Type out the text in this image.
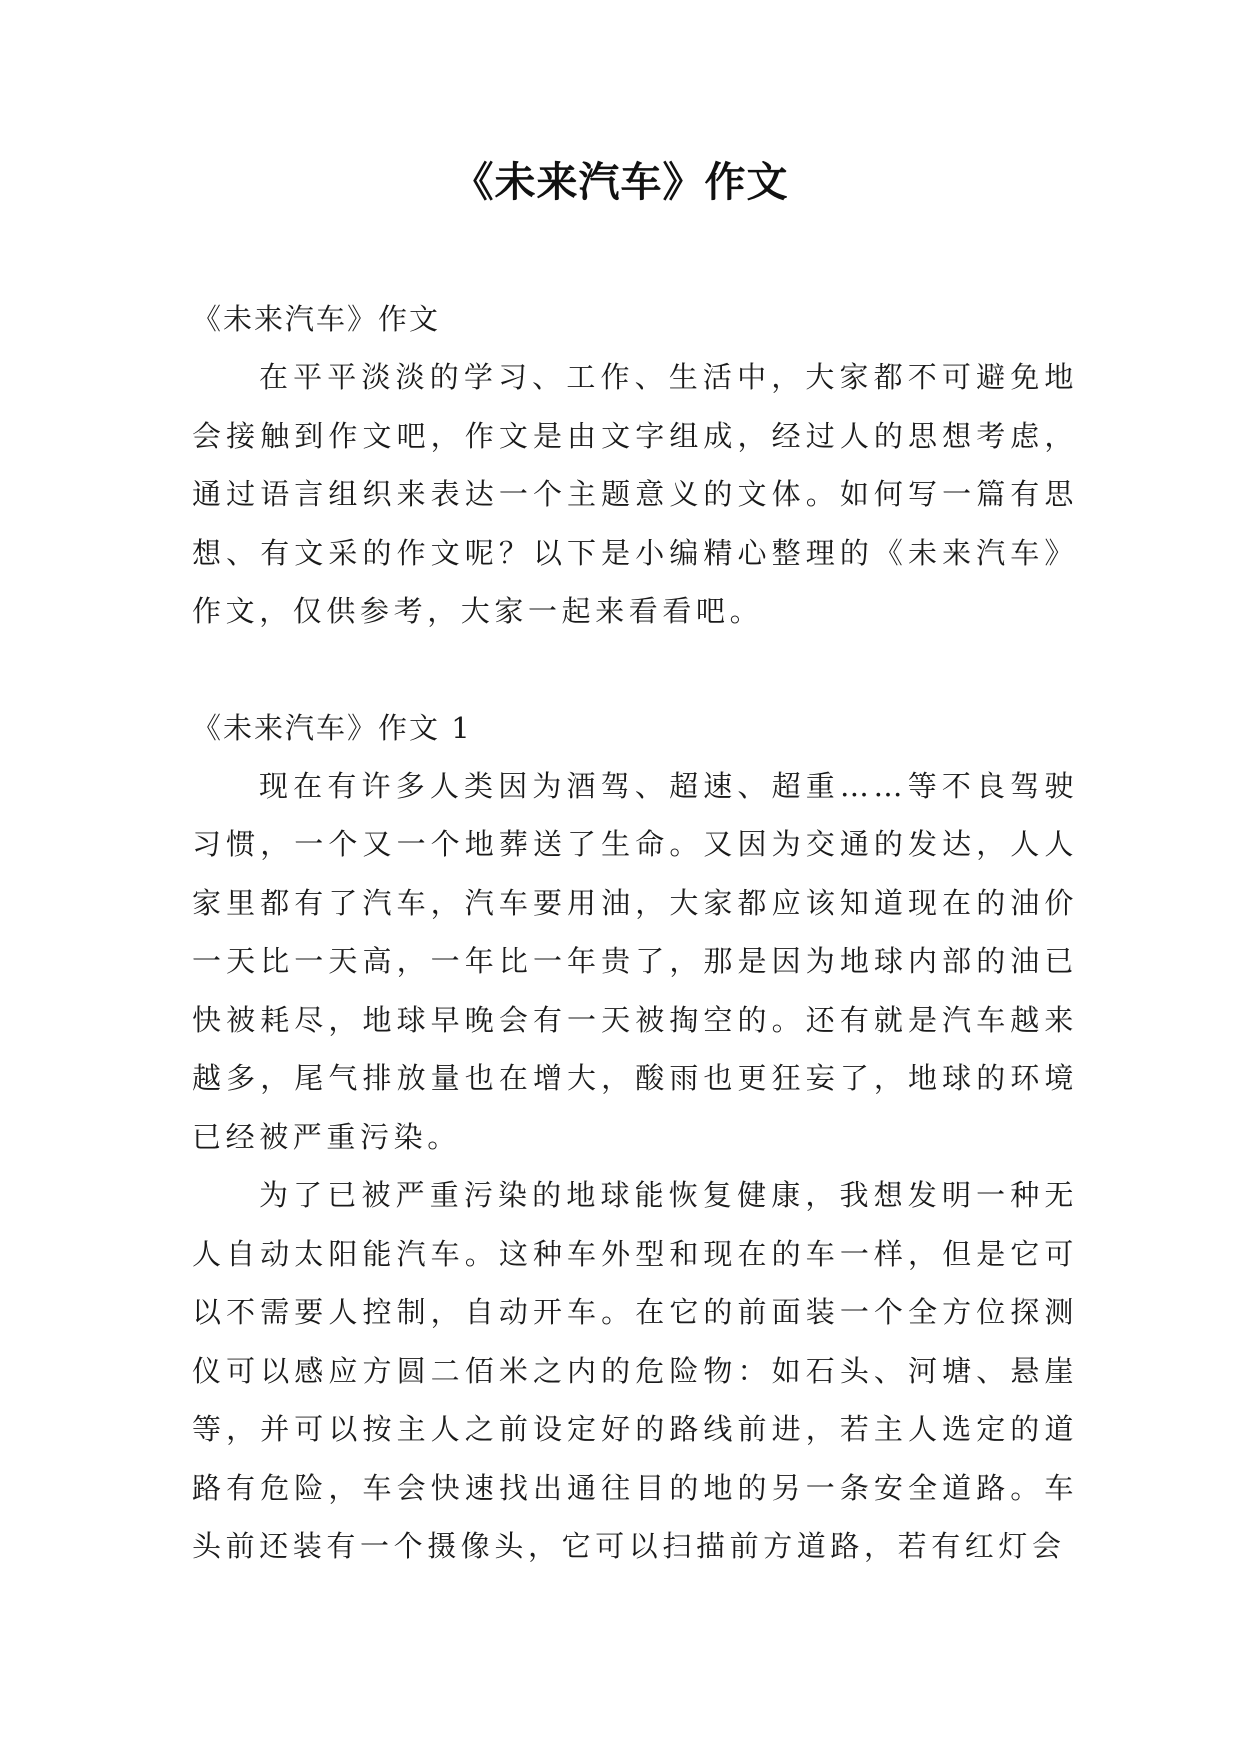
《未来汽车》作文

《未来汽车》作文

在平平淡淡的学习、工作、生活中，大家都不可避免地会接触到作文吧，作文是由文字组成，经过人的思想考虑，通过语言组织来表达一个主题意义的文体。如何写一篇有思想、有文采的作文呢？以下是小编精心整理的《未来汽车》作文，仅供参考，大家一起来看看吧。

《未来汽车》作文 1

现在有许多人类因为酒驾、超速、超重……等不良驾驶习惯，一个又一个地葬送了生命。又因为交通的发达，人人家里都有了汽车，汽车要用油，大家都应该知道现在的油价一天比一天高，一年比一年贵了，那是因为地球内部的油已快被耗尽，地球早晚会有一天被掏空的。还有就是汽车越来越多，尾气排放量也在增大，酸雨也更狂妄了，地球的环境已经被严重污染。

为了已被严重污染的地球能恢复健康，我想发明一种无人自动太阳能汽车。这种车外型和现在的车一样，但是它可以不需要人控制，自动开车。在它的前面装一个全方位探测仪可以感应方圆二佰米之内的危险物：如石头、河塘、悬崖等，并可以按主人之前设定好的路线前进，若主人选定的道路有危险，车会快速找出通往目的地的另一条安全道路。车头前还装有一个摄像头，它可以扫描前方道路，若有红灯会
